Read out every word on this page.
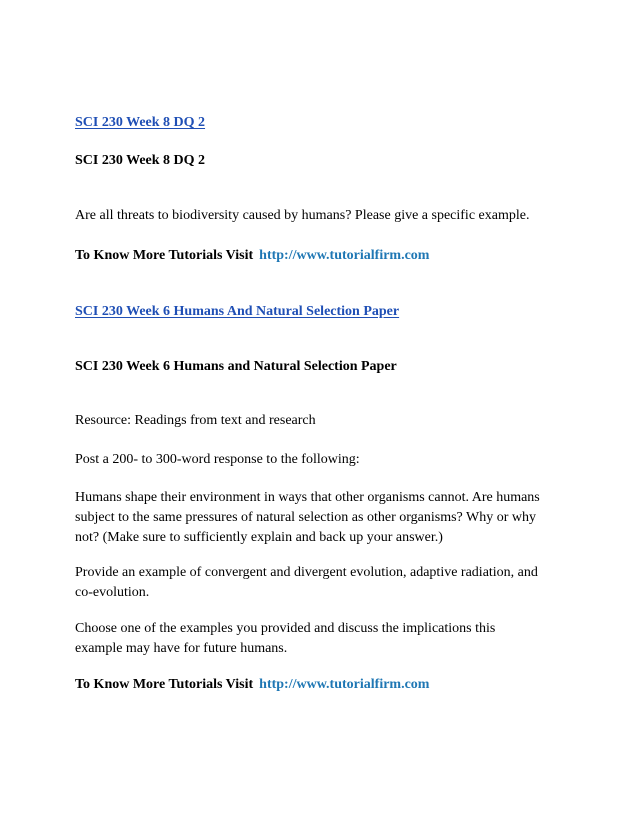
SCI 230 Week 8 DQ 2

SCI 230 Week 8 DQ 2

Are all threats to biodiversity caused by humans? Please give a specific example.

To Know More Tutorials Visit http://www.tutorialfirm.com

SCI 230 Week 6 Humans And Natural Selection Paper

SCI 230 Week 6 Humans and Natural Selection Paper

Resource: Readings from text and research

Post a 200- to 300-word response to the following:

Humans shape their environment in ways that other organisms cannot. Are humans
subject to the same pressures of natural selection as other organisms? Why or why
not? (Make sure to sufficiently explain and back up your answer.)
Provide an example of convergent and divergent evolution, adaptive radiation, and
co-evolution.
Choose one of the examples you provided and discuss the implications this
example may have for future humans.

To Know More Tutorials Visit http://www.tutorialfirm.com
